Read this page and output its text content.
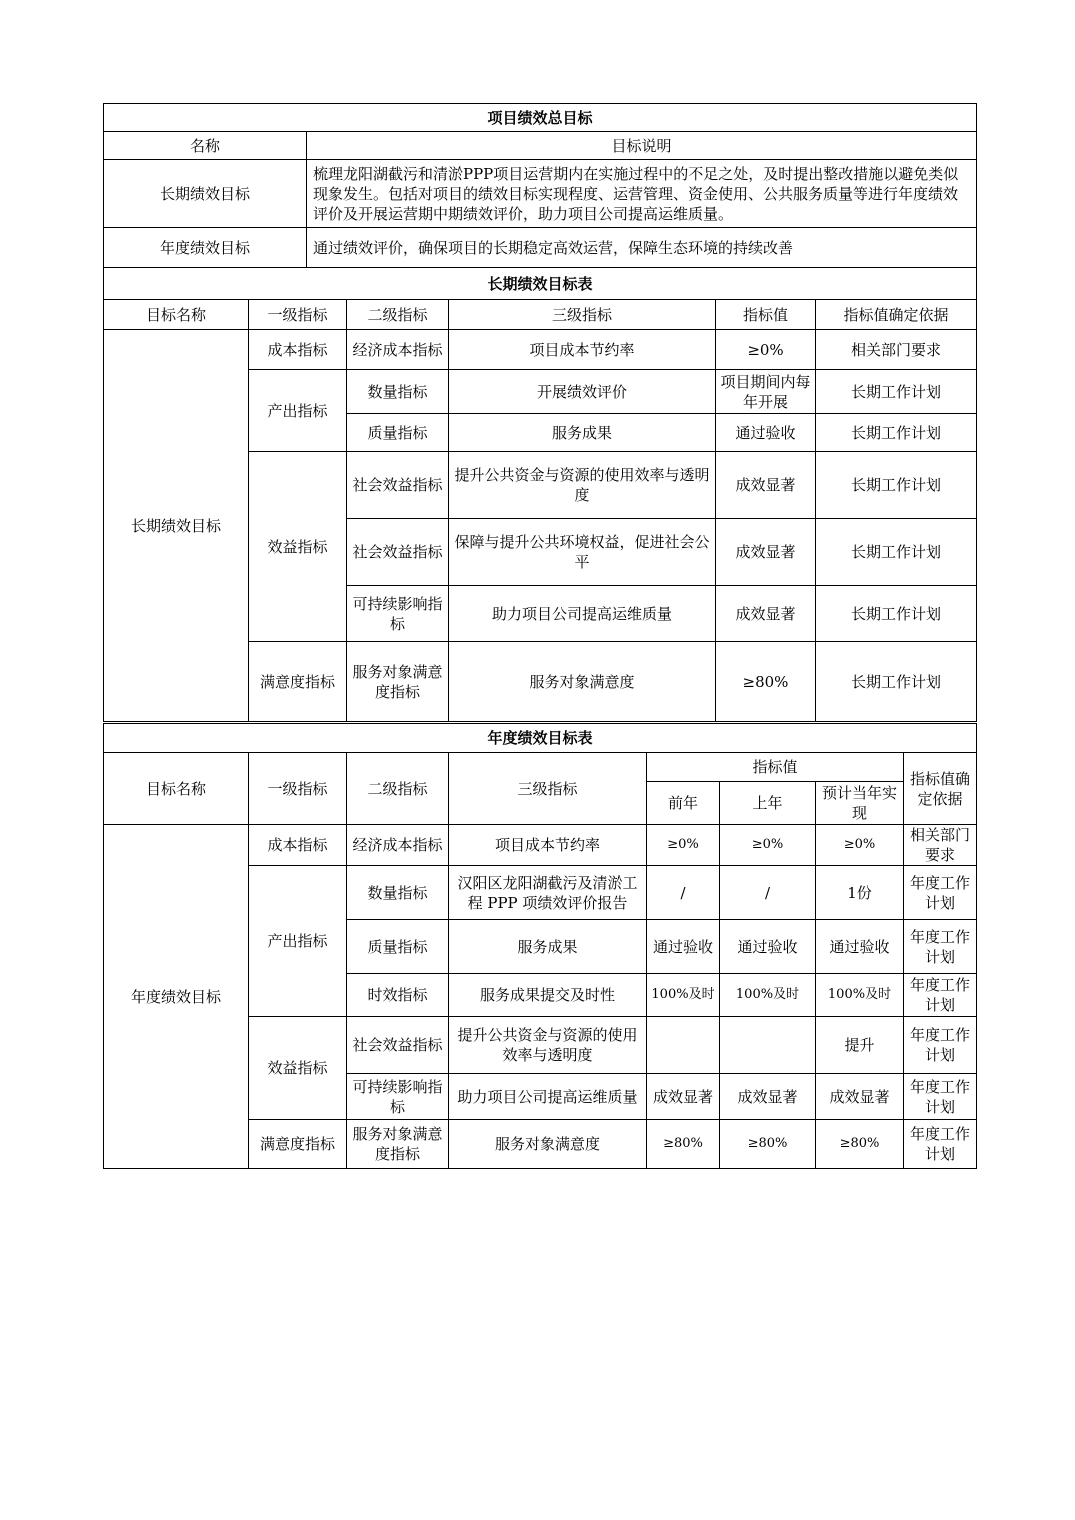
项目绩效总目标	
名称	目标说明
长期绩效目标	梳理龙阳湖截污和清淤PPP项目运营期内在实施过程中的不足之处，及时提出整改措施以避免类似现象发生。包括对项目的绩效目标实现程度、运营管理、资金使用、公共服务质量等进行年度绩效评价及开展运营期中期绩效评价，助力项目公司提高运维质量。
年度绩效目标	通过绩效评价，确保项目的长期稳定高效运营，保障生态环境的持续改善
长期绩效目标表					
目标名称	一级指标	二级指标	三级指标	指标值	指标值确定依据
长期绩效目标	成本指标	经济成本指标	项目成本节约率	≥0%	相关部门要求
	产出指标	数量指标	开展绩效评价	项目期间内每年开展	长期工作计划
		质量指标	服务成果	通过验收	长期工作计划
	效益指标	社会效益指标	提升公共资金与资源的使用效率与透明度	成效显著	长期工作计划
		社会效益指标	保障与提升公共环境权益，促进社会公平	成效显著	长期工作计划
		可持续影响指标	助力项目公司提高运维质量	成效显著	长期工作计划
	满意度指标	服务对象满意度指标	服务对象满意度	≥80%	长期工作计划
年度绩效目标表							
目标名称	一级指标	二级指标	三级指标	指标值			指标值确定依据
				前年	上年	预计当年实现	
年度绩效目标	成本指标	经济成本指标	项目成本节约率	≥0%	≥0%	≥0%	相关部门要求
	产出指标	数量指标	汉阳区龙阳湖截污及清淤工程 PPP 项绩效评价报告	/	/	1份	年度工作计划
		质量指标	服务成果	通过验收	通过验收	通过验收	年度工作计划
		时效指标	服务成果提交及时性	100%及时	100%及时	100%及时	年度工作计划
	效益指标	社会效益指标	提升公共资金与资源的使用效率与透明度			提升	年度工作计划
		可持续影响指标	助力项目公司提高运维质量	成效显著	成效显著	成效显著	年度工作计划
	满意度指标	服务对象满意度指标	服务对象满意度	≥80%	≥80%	≥80%	年度工作计划
